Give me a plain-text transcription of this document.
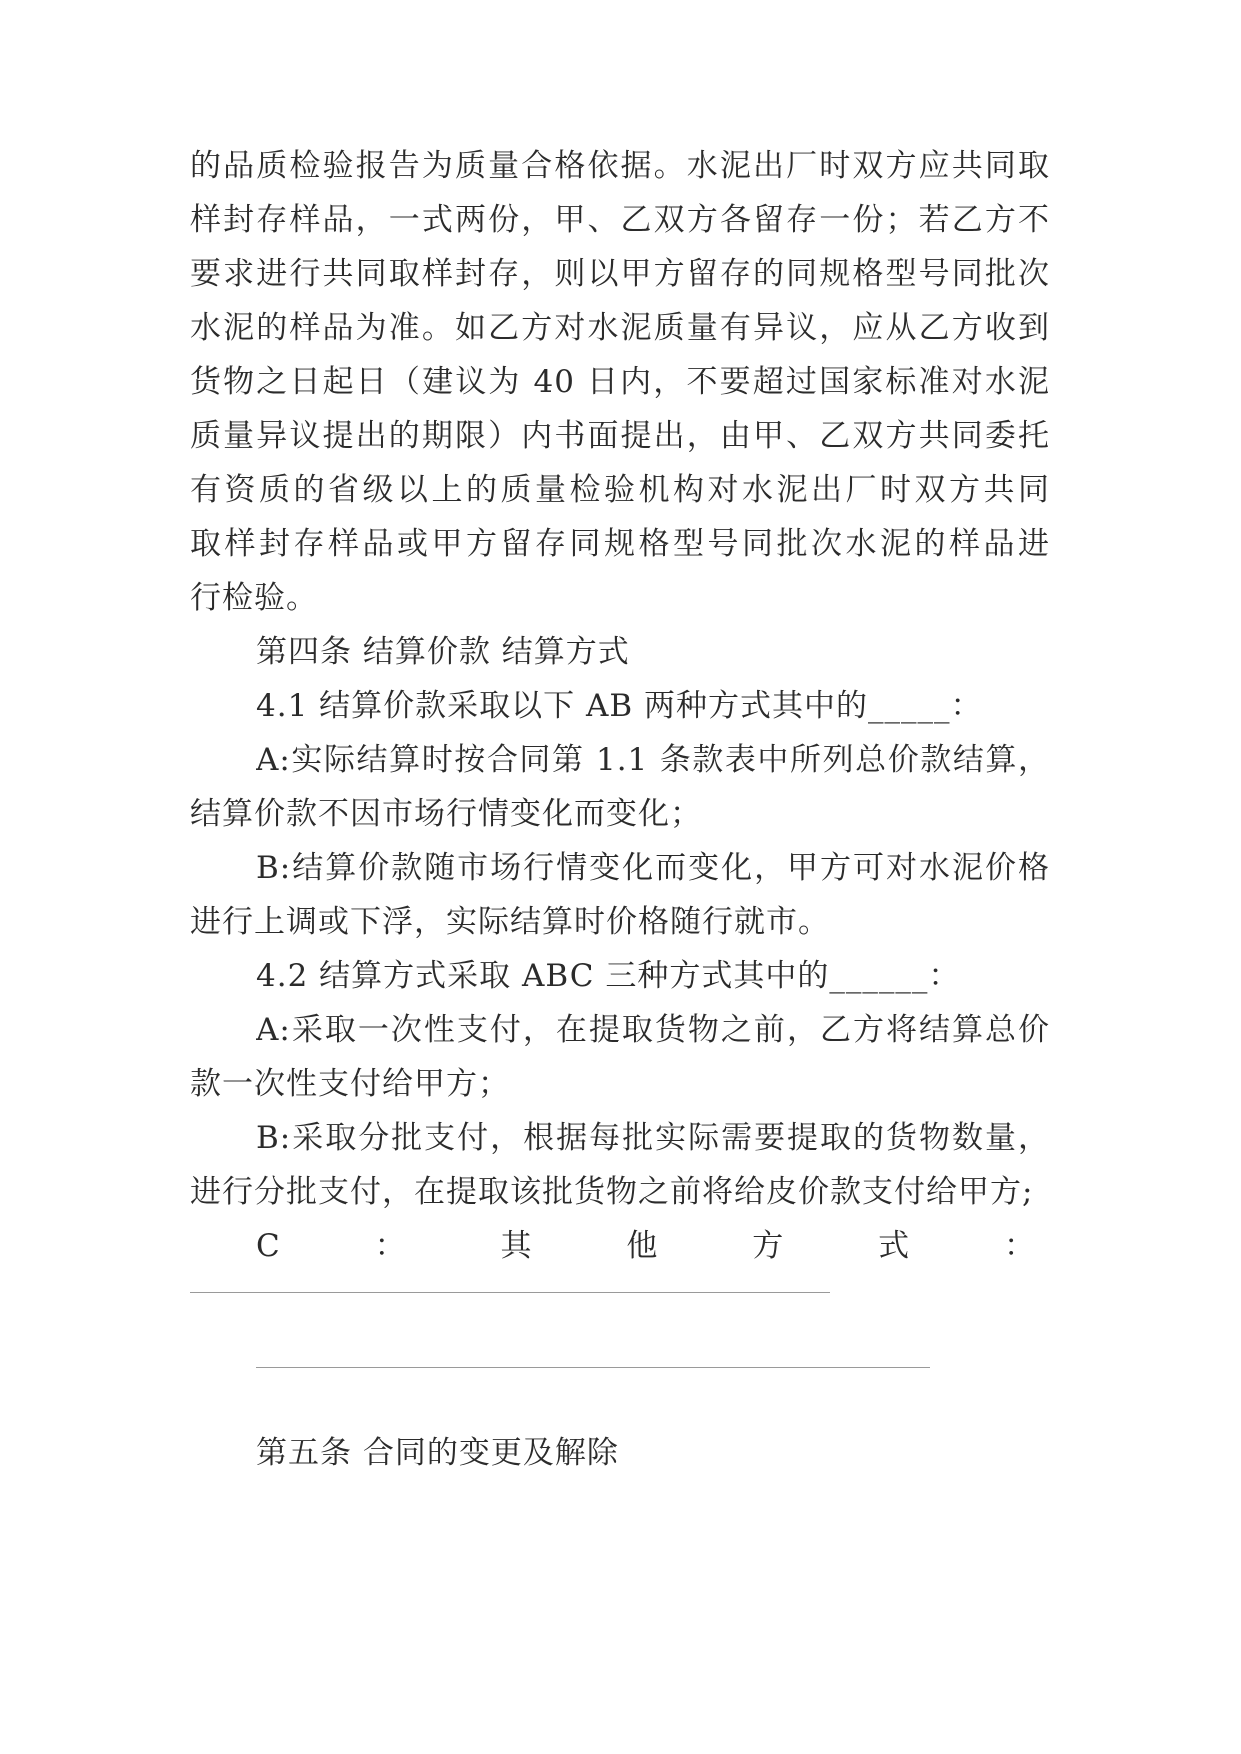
的品质检验报告为质量合格依据。水泥出厂时双方应共同取
样封存样品，一式两份，甲、乙双方各留存一份；若乙方不
要求进行共同取样封存，则以甲方留存的同规格型号同批次
水泥的样品为准。如乙方对水泥质量有异议，应从乙方收到
货物之日起日（建议为 40 日内，不要超过国家标准对水泥
质量异议提出的期限）内书面提出，由甲、乙双方共同委托
有资质的省级以上的质量检验机构对水泥出厂时双方共同
取样封存样品或甲方留存同规格型号同批次水泥的样品进
行检验。
第四条 结算价款 结算方式
4.1 结算价款采取以下 AB 两种方式其中的_____：
A:实际结算时按合同第 1.1 条款表中所列总价款结算，
结算价款不因市场行情变化而变化；
B:结算价款随市场行情变化而变化，甲方可对水泥价格
进行上调或下浮，实际结算时价格随行就市。
4.2 结算方式采取 ABC 三种方式其中的______：
A:采取一次性支付，在提取货物之前，乙方将结算总价
款一次性支付给甲方；
B:采取分批支付，根据每批实际需要提取的货物数量，
进行分批支付，在提取该批货物之前将给皮价款支付给甲方;
C	：	其	他	方	式	：
第五条 合同的变更及解除
